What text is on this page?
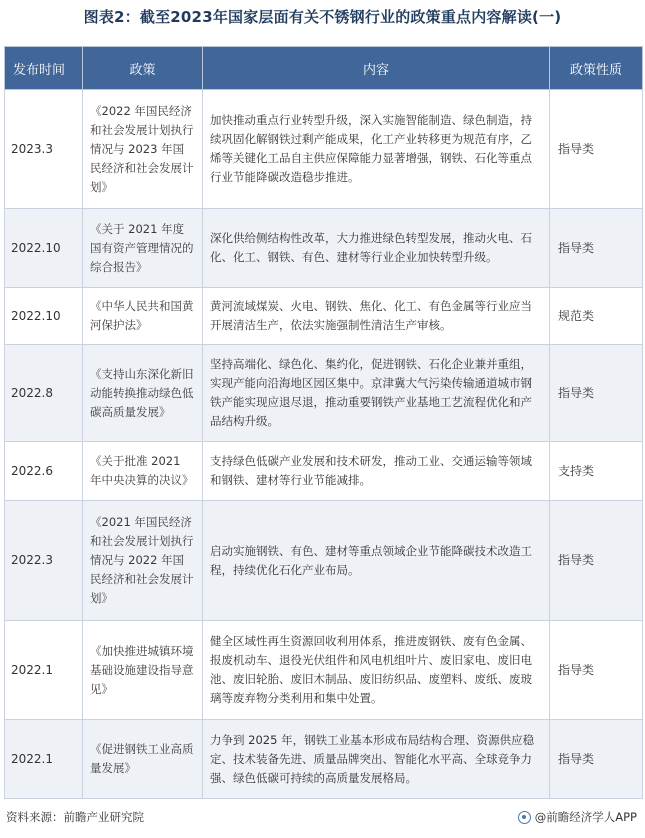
图表2：截至2023年国家层面有关不锈钢行业的政策重点内容解读(一)
发布时间	政策	内容	政策性质
2023.3	《2022 年国民经济和社会发展计划执行情况与 2023 年国民经济和社会发展计划》	加快推动重点行业转型升级，深入实施智能制造、绿色制造，持续巩固化解钢铁过剩产能成果，化工产业转移更为规范有序，乙烯等关键化工品自主供应保障能力显著增强，钢铁、石化等重点行业节能降碳改造稳步推进。	指导类
2022.10	《关于 2021 年度国有资产管理情况的综合报告》	深化供给侧结构性改革，大力推进绿色转型发展，推动火电、石化、化工、钢铁、有色、建材等行业企业加快转型升级。	指导类
2022.10	《中华人民共和国黄河保护法》	黄河流域煤炭、火电、钢铁、焦化、化工、有色金属等行业应当开展清洁生产，依法实施强制性清洁生产审核。	规范类
2022.8	《支持山东深化新旧动能转换推动绿色低碳高质量发展》	坚持高端化、绿色化、集约化，促进钢铁、石化企业兼并重组，实现产能向沿海地区园区集中。京津冀大气污染传输通道城市钢铁产能实现应退尽退，推动重要钢铁产业基地工艺流程优化和产品结构升级。	指导类
2022.6	《关于批准 2021 年中央决算的决议》	支持绿色低碳产业发展和技术研发，推动工业、交通运输等领域和钢铁、建材等行业节能减排。	支持类
2022.3	《2021 年国民经济和社会发展计划执行情况与 2022 年国民经济和社会发展计划》	启动实施钢铁、有色、建材等重点领域企业节能降碳技术改造工程，持续优化石化产业布局。	指导类
2022.1	《加快推进城镇环境基础设施建设指导意见》	健全区域性再生资源回收利用体系，推进废钢铁、废有色金属、报废机动车、退役光伏组件和风电机组叶片、废旧家电、废旧电池、废旧轮胎、废旧木制品、废旧纺织品、废塑料、废纸、废玻璃等废弃物分类利用和集中处置。	指导类
2022.1	《促进钢铁工业高质量发展》	力争到 2025 年，钢铁工业基本形成布局结构合理、资源供应稳定、技术装备先进、质量品牌突出、智能化水平高、全球竞争力强、绿色低碳可持续的高质量发展格局。	指导类
资料来源：前瞻产业研究院	@前瞻经济学人APP
